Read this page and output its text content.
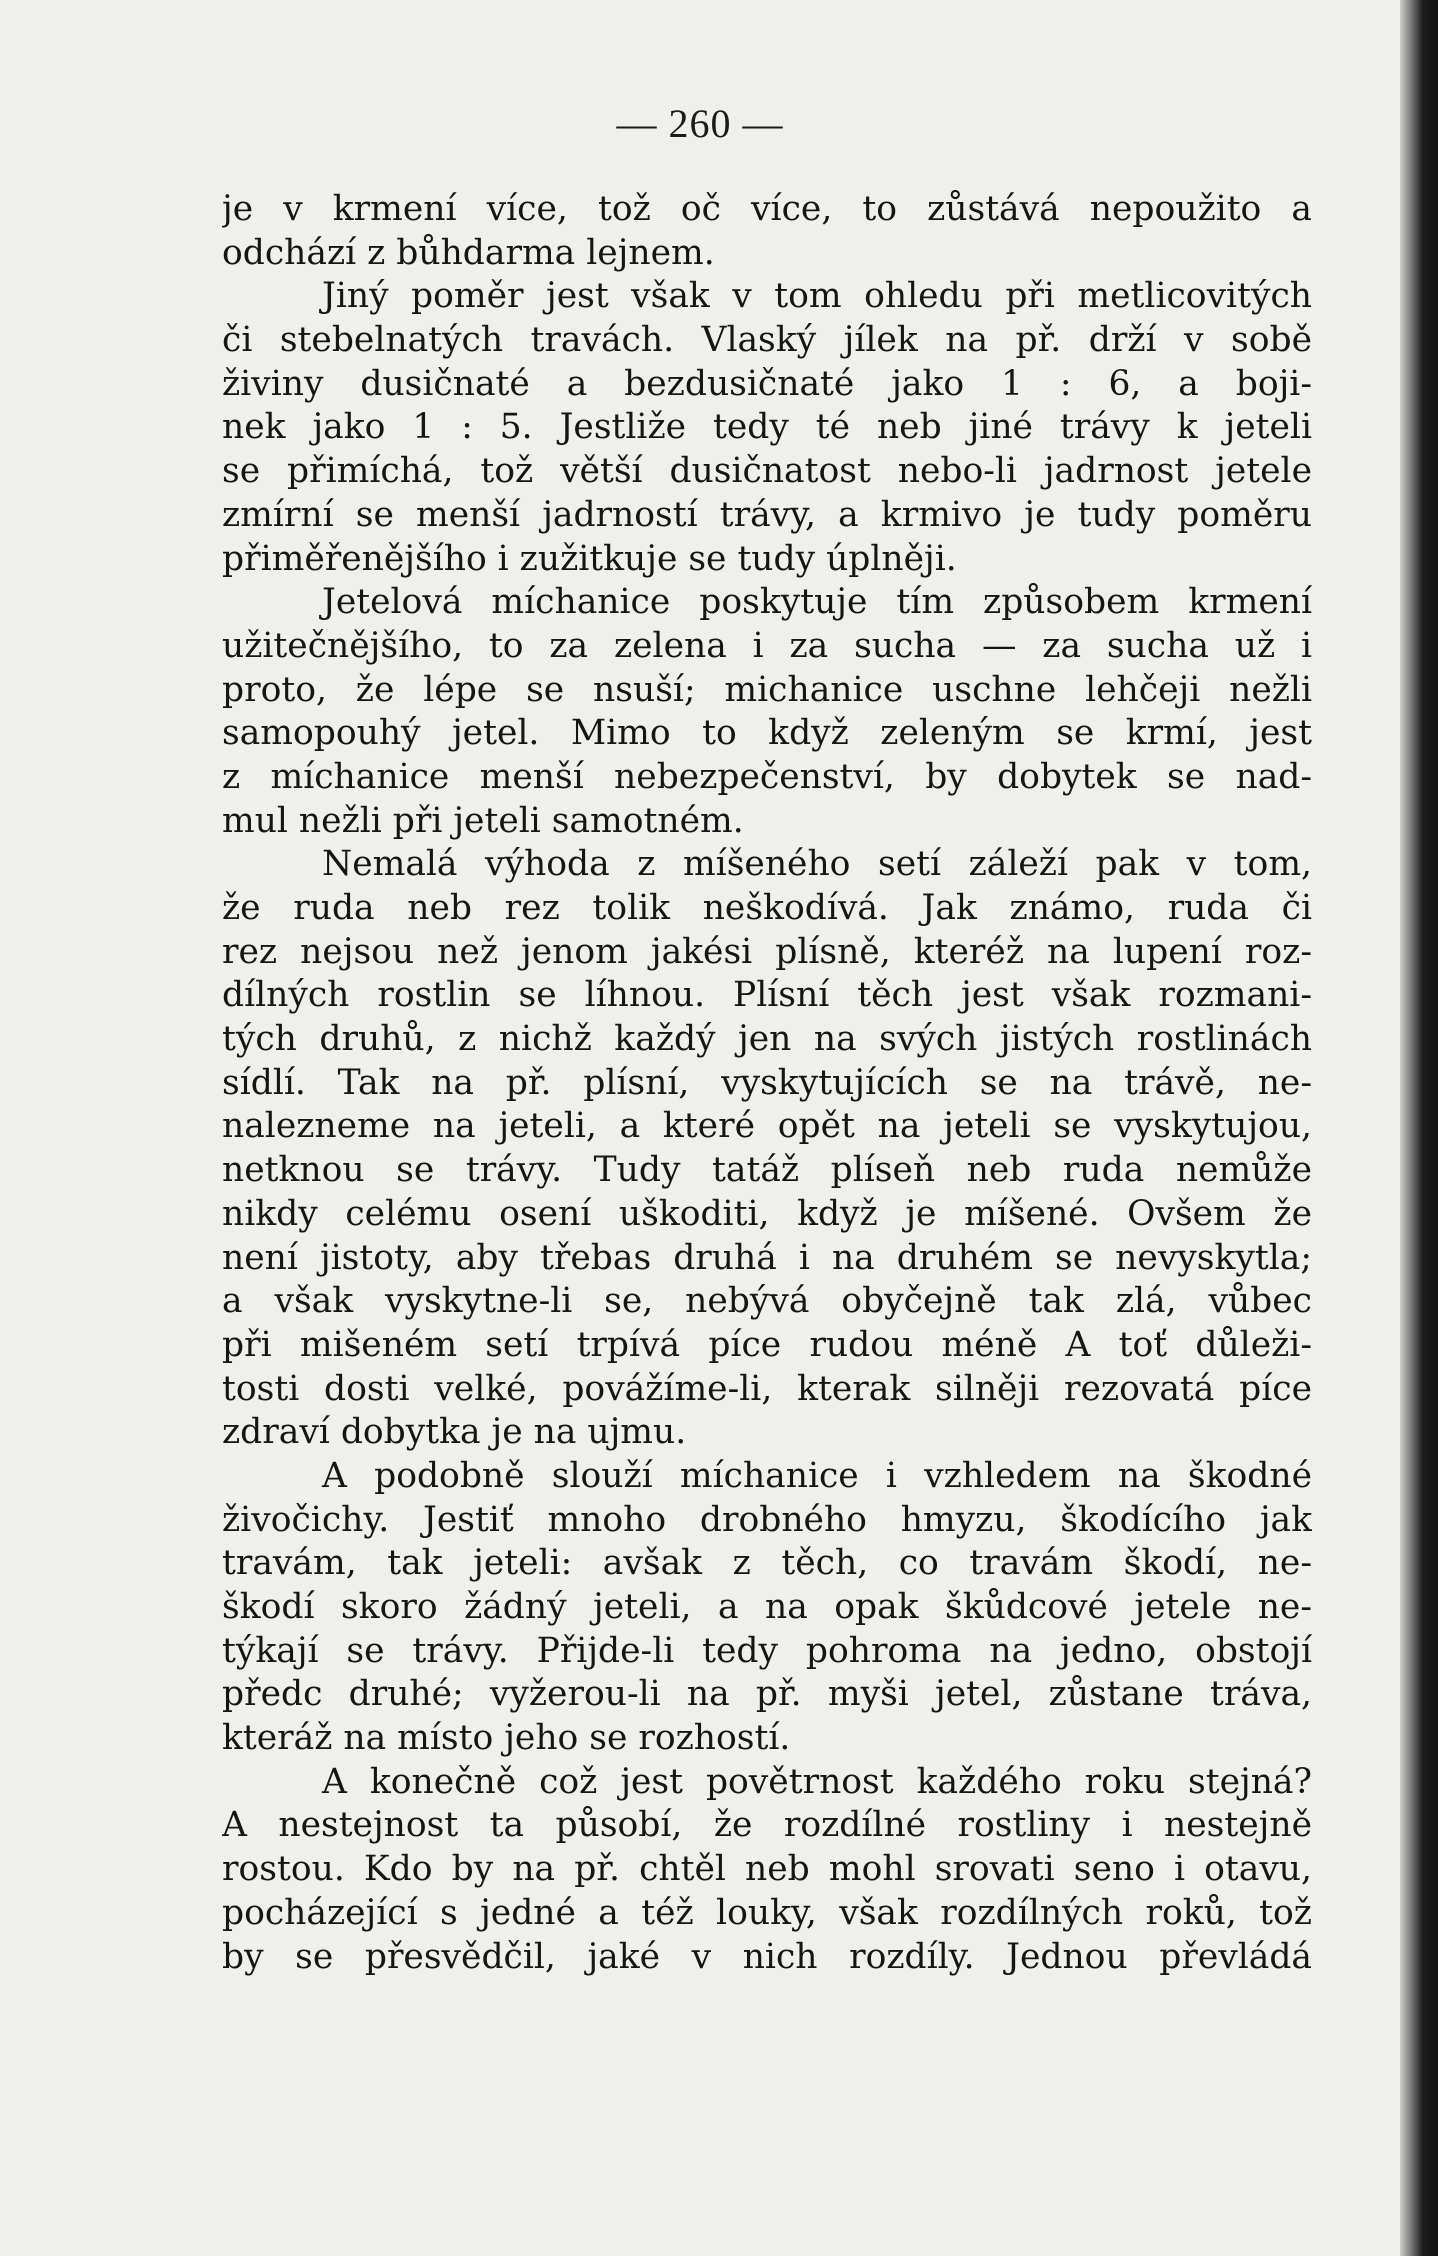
— 260 —
je v krmení více, tož oč více, to zůstává nepoužito a
odchází z bůhdarma lejnem.
Jiný poměr jest však v tom ohledu při metlicovitých
či stebelnatých travách. Vlaský jílek na př. drží v sobě
živiny dusičnaté a bezdusičnaté jako 1 : 6, a boji-
nek jako 1 : 5. Jestliže tedy té neb jiné trávy k jeteli
se přimíchá, tož větší dusičnatost nebo-li jadrnost jetele
zmírní se menší jadrností trávy, a krmivo je tudy poměru
přiměřenějšího i zužitkuje se tudy úplněji.
Jetelová míchanice poskytuje tím způsobem krmení
užitečnějšího, to za zelena i za sucha — za sucha už i
proto, že lépe se nsuší; michanice uschne lehčeji nežli
samopouhý jetel. Mimo to když zeleným se krmí, jest
z míchanice menší nebezpečenství, by dobytek se nad-
mul nežli při jeteli samotném.
Nemalá výhoda z míšeného setí záleží pak v tom,
že ruda neb rez tolik neškodívá. Jak známo, ruda či
rez nejsou než jenom jakési plísně, kteréž na lupení roz-
dílných rostlin se líhnou. Plísní těch jest však rozmani-
tých druhů, z nichž každý jen na svých jistých rostlinách
sídlí. Tak na př. plísní, vyskytujících se na trávě, ne-
nalezneme na jeteli, a které opět na jeteli se vyskytujou,
netknou se trávy. Tudy tatáž plíseň neb ruda nemůže
nikdy celému osení uškoditi, když je míšené. Ovšem že
není jistoty, aby třebas druhá i na druhém se nevyskytla;
a však vyskytne-li se, nebývá obyčejně tak zlá, vůbec
při mišeném setí trpívá píce rudou méně A toť důleži-
tosti dosti velké, povážíme-li, kterak silněji rezovatá píce
zdraví dobytka je na ujmu.
A podobně slouží míchanice i vzhledem na škodné
živočichy. Jestiť mnoho drobného hmyzu, škodícího jak
travám, tak jeteli: avšak z těch, co travám škodí, ne-
škodí skoro žádný jeteli, a na opak škůdcové jetele ne-
týkají se trávy. Přijde-li tedy pohroma na jedno, obstojí
předc druhé; vyžerou-li na př. myši jetel, zůstane tráva,
kteráž na místo jeho se rozhostí.
A konečně což jest povětrnost každého roku stejná?
A nestejnost ta působí, že rozdílné rostliny i nestejně
rostou. Kdo by na př. chtěl neb mohl srovati seno i otavu,
pocházející s jedné a též louky, však rozdílných roků, tož
by se přesvědčil, jaké v nich rozdíly. Jednou převládá
